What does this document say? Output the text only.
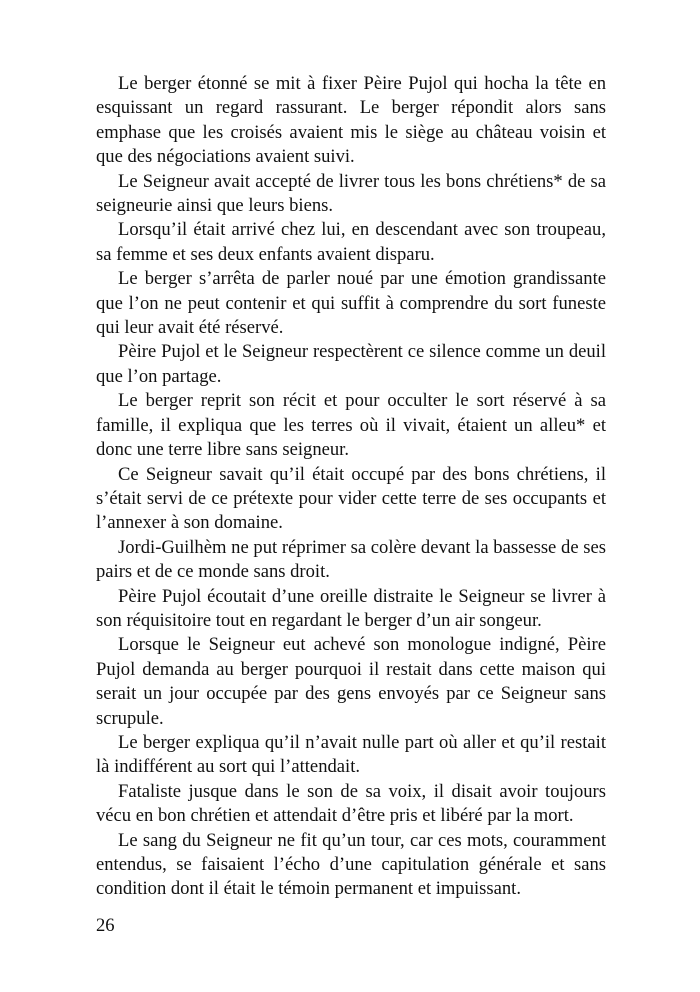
Le berger étonné se mit à fixer Pèire Pujol qui hocha la tête en esquissant un regard rassurant. Le berger répondit alors sans emphase que les croisés avaient mis le siège au château voisin et que des négociations avaient suivi.

Le Seigneur avait accepté de livrer tous les bons chrétiens* de sa seigneurie ainsi que leurs biens.

Lorsqu’il était arrivé chez lui, en descendant avec son troupeau, sa femme et ses deux enfants avaient disparu.

Le berger s’arrêta de parler noué par une émotion grandissante que l’on ne peut contenir et qui suffit à comprendre du sort funeste qui leur avait été réservé.

Pèire Pujol et le Seigneur respectèrent ce silence comme un deuil que l’on partage.

Le berger reprit son récit et pour occulter le sort réservé à sa famille, il expliqua que les terres où il vivait, étaient un alleu* et donc une terre libre sans seigneur.

Ce Seigneur savait qu’il était occupé par des bons chrétiens, il s’était servi de ce prétexte pour vider cette terre de ses occupants et l’annexer à son domaine.

Jordi-Guilhèm ne put réprimer sa colère devant la bassesse de ses pairs et de ce monde sans droit.

Pèire Pujol écoutait d’une oreille distraite le Seigneur se livrer à son réquisitoire tout en regardant le berger d’un air songeur.

Lorsque le Seigneur eut achevé son monologue indigné, Pèire Pujol demanda au berger pourquoi il restait dans cette maison qui serait un jour occupée par des gens envoyés par ce Seigneur sans scrupule.

Le berger expliqua qu’il n’avait nulle part où aller et qu’il restait là indifférent au sort qui l’attendait.

Fataliste jusque dans le son de sa voix, il disait avoir toujours vécu en bon chrétien et attendait d’être pris et libéré par la mort.

Le sang du Seigneur ne fit qu’un tour, car ces mots, couramment entendus, se faisaient l’écho d’une capitulation générale et sans condition dont il était le témoin permanent et impuissant.

26
